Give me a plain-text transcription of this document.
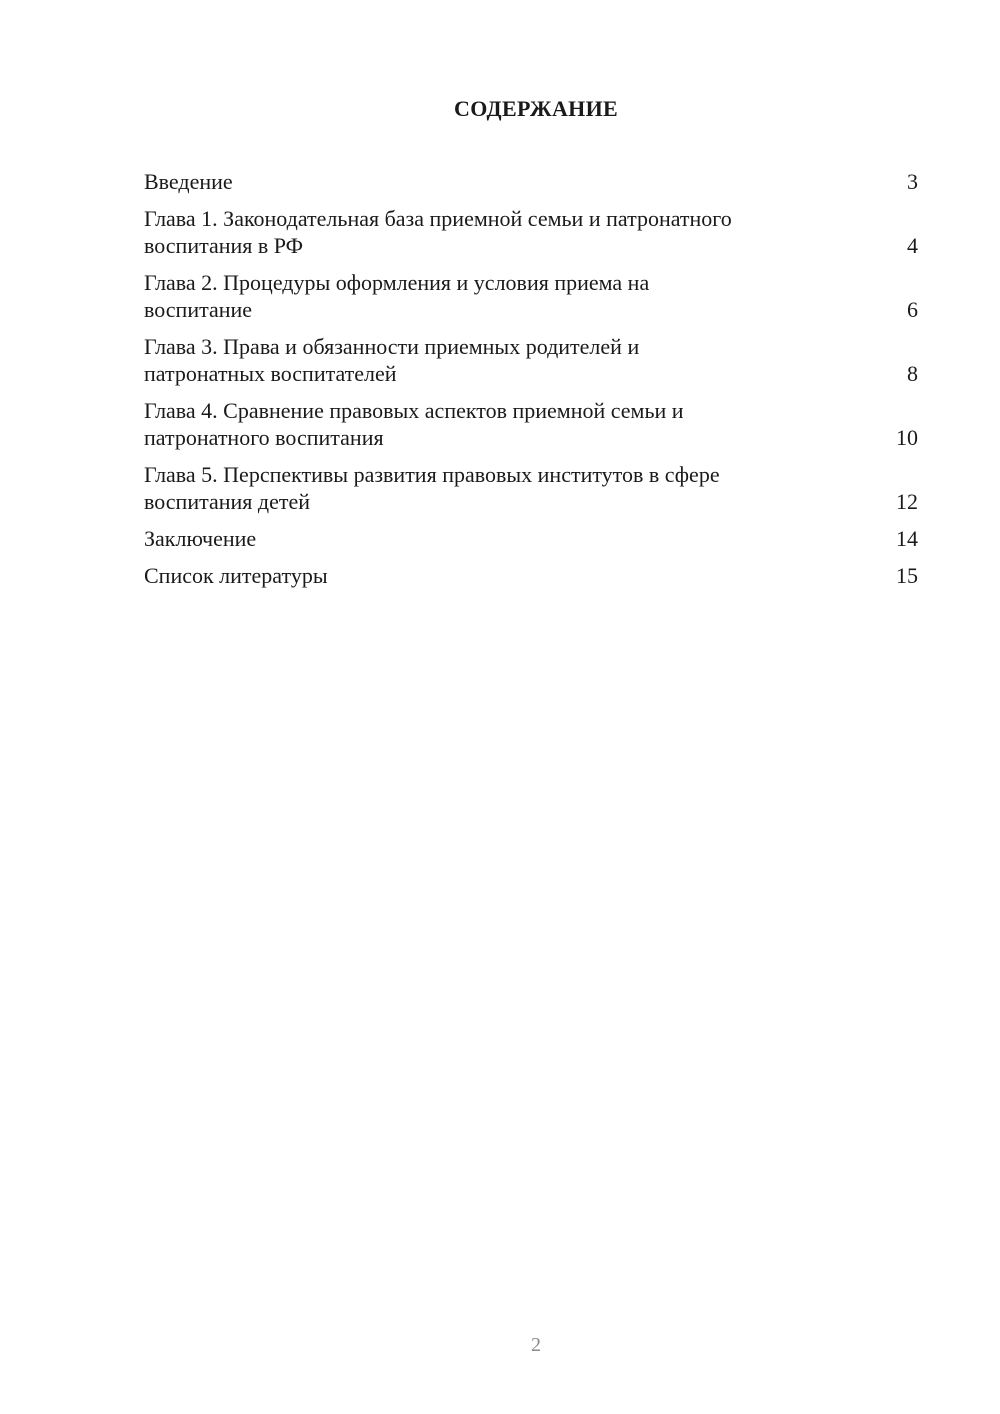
СОДЕРЖАНИЕ
Введение	3
Глава 1. Законодательная база приемной семьи и патронатного
воспитания в РФ	4
Глава 2. Процедуры оформления и условия приема на
воспитание	6
Глава 3. Права и обязанности приемных родителей и
патронатных воспитателей	8
Глава 4. Сравнение правовых аспектов приемной семьи и
патронатного воспитания	10
Глава 5. Перспективы развития правовых институтов в сфере
воспитания детей	12
Заключение	14
Список литературы	15
2
